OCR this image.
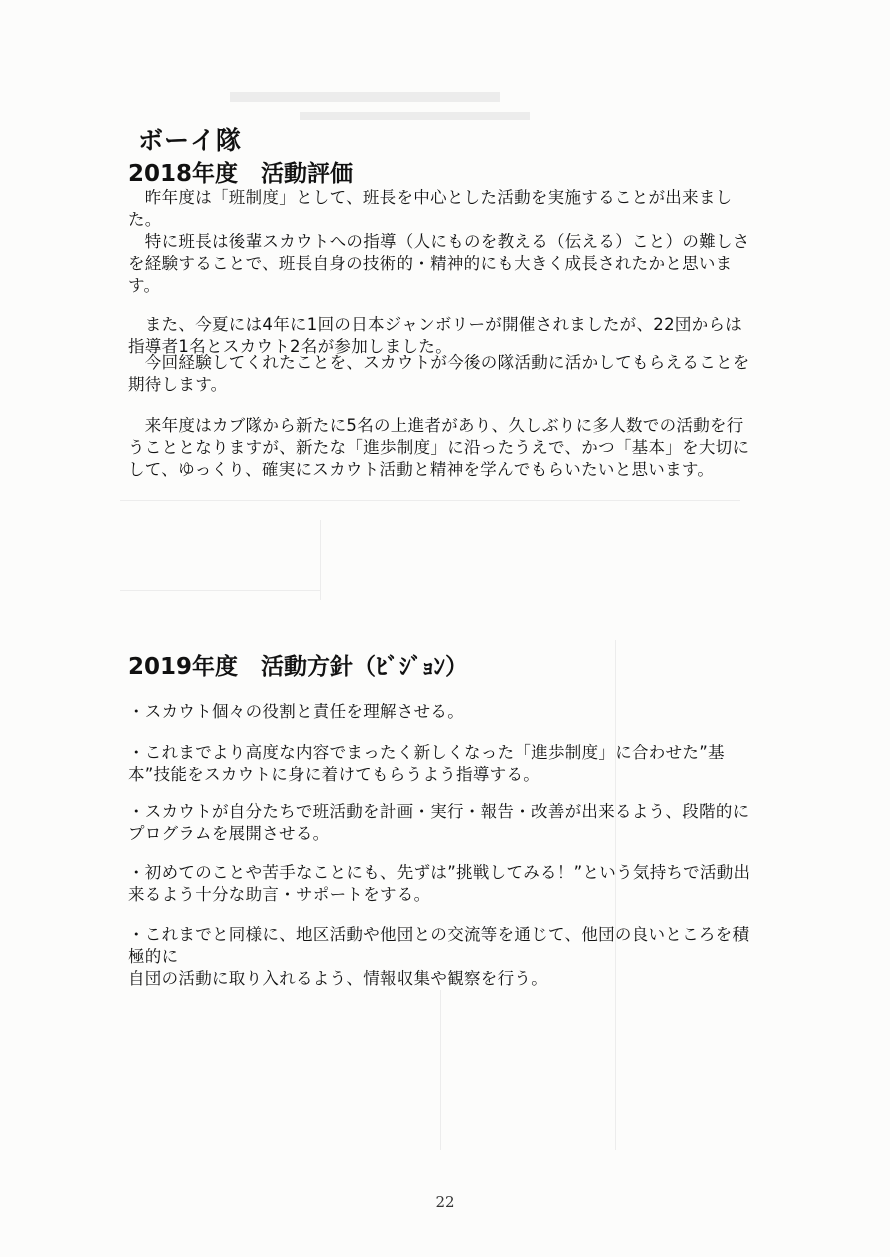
ボーイ隊
2018年度　活動評価

　昨年度は「班制度」として、班長を中心とした活動を実施することが出来ました。

　特に班長は後輩スカウトへの指導（人にものを教える（伝える）こと）の難しさを経験することで、班長自身の技術的・精神的にも大きく成長されたかと思います。

　また、今夏には4年に1回の日本ジャンボリーが開催されましたが、22団からは指導者1名とスカウト2名が参加しました。

　今回経験してくれたことを、スカウトが今後の隊活動に活かしてもらえることを期待します。

　来年度はカブ隊から新たに5名の上進者があり、久しぶりに多人数での活動を行うこととなりますが、新たな「進歩制度」に沿ったうえで、かつ「基本」を大切にして、ゆっくり、確実にスカウト活動と精神を学んでもらいたいと思います。

2019年度　活動方針（ﾋﾞｼﾞｮﾝ）

・スカウト個々の役割と責任を理解させる。

・これまでより高度な内容でまったく新しくなった「進歩制度」に合わせた”基本”技能をスカウトに身に着けてもらうよう指導する。

・スカウトが自分たちで班活動を計画・実行・報告・改善が出来るよう、段階的にプログラムを展開させる。

・初めてのことや苦手なことにも、先ずは”挑戦してみる！”という気持ちで活動出来るよう十分な助言・サポートをする。

・これまでと同様に、地区活動や他団との交流等を通じて、他団の良いところを積極的に

自団の活動に取り入れるよう、情報収集や観察を行う。

22
